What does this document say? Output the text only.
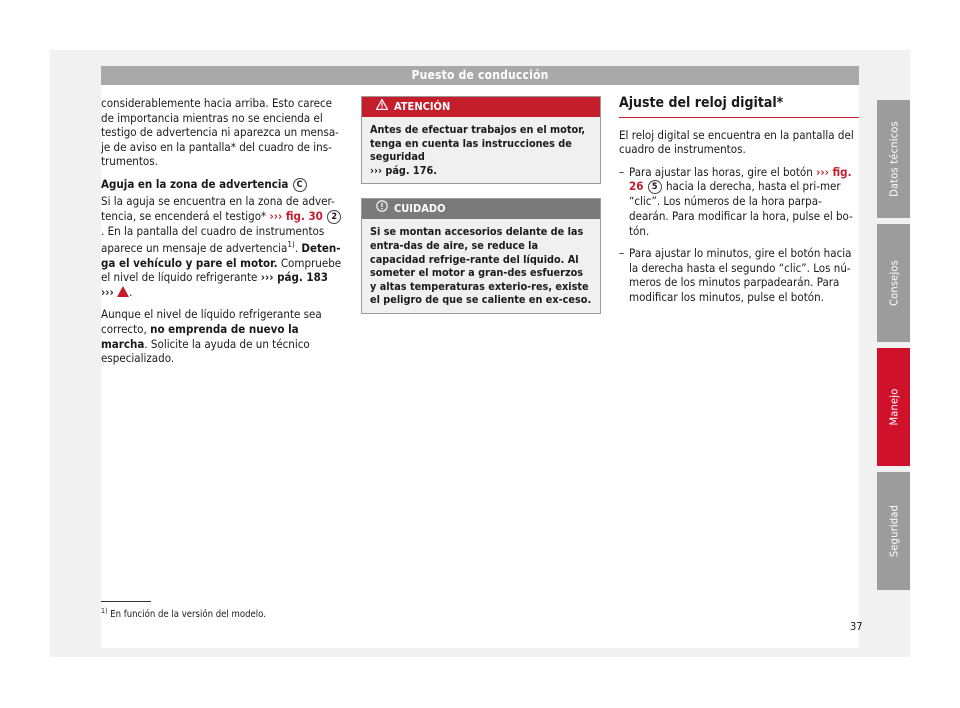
Puesto de conducción

considerablemente hacia arriba. Esto carece de importancia mientras no se encienda el testigo de advertencia ni aparezca un mensa-je de aviso en la pantalla* del cuadro de ins-trumentos.

Aguja en la zona de advertencia C

Si la aguja se encuentra en la zona de adver-tencia, se encenderá el testigo* ››› fig. 30 2. En la pantalla del cuadro de instrumentos aparece un mensaje de advertencia$^{1)}$. Deten-ga el vehículo y pare el motor. Compruebe el nivel de líquido refrigerante ››› pág. 183
››› .

Aunque el nivel de líquido refrigerante sea correcto, no emprenda de nuevo la marcha. Solicite la ayuda de un técnico especializado.

ATENCIÓN
Antes de efectuar trabajos en el motor, tenga en cuenta las instrucciones de seguridad
››› pág. 176.
CUIDADO
Si se montan accesorios delante de las entra-das de aire, se reduce la capacidad refrige-rante del líquido. Al someter el motor a gran-des esfuerzos y altas temperaturas exterio-res, existe el peligro de que se caliente en ex-ceso.
Ajuste del reloj digital*

El reloj digital se encuentra en la pantalla del cuadro de instrumentos.

– Para ajustar las horas, gire el botón ››› fig. 26 5 hacia la derecha, hasta el pri-mer “clic”. Los números de la hora parpa-dearán. Para modificar la hora, pulse el bo-tón.
– Para ajustar lo minutos, gire el botón hacia la derecha hasta el segundo “clic”. Los nú-meros de los minutos parpadearán. Para modificar los minutos, pulse el botón.
Datos técnicos
Consejos
Manejo
Seguridad
$^{1)}$ En función de la versión del modelo.
37
